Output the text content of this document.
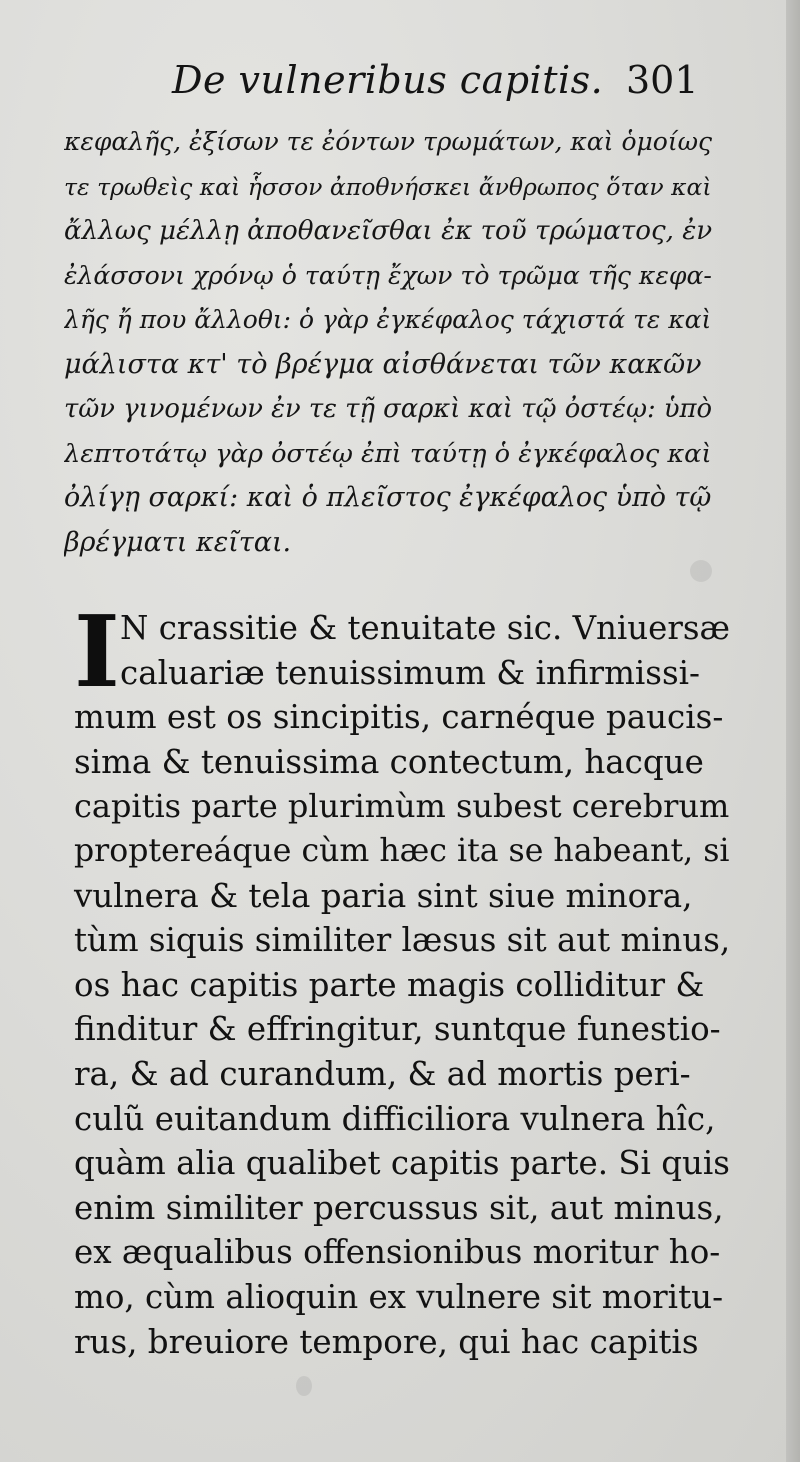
De vulneribus capitis. 301
κεφαλῆς, ἐξίσων τε ἐόντων τρωμάτων, καὶ ὁμοίως
τε τρωθεὶς καὶ ἧσσον ἀποθνήσκει ἄνθρωπος ὅταν καὶ
ἄλλως μέλλῃ ἀποθανεῖσθαι ἐκ τοῦ τρώματος, ἐν
ἐλάσσονι χρόνῳ ὁ ταύτῃ ἔχων τὸ τρῶμα τῆς κεφα-
λῆς ἤ που ἄλλοθι: ὁ γὰρ ἐγκέφαλος τάχιστά τε καὶ
μάλιστα κτ' τὸ βρέγμα αἰσθάνεται τῶν κακῶν
τῶν γινομένων ἐν τε τῇ σαρκὶ καὶ τῷ ὀστέῳ: ὑπὸ
λεπτοτάτῳ γὰρ ὀστέῳ ἐπὶ ταύτῃ ὁ ἐγκέφαλος καὶ
ὀλίγῃ σαρκί: καὶ ὁ πλεῖστος ἐγκέφαλος ὑπὸ τῷ
βρέγματι κεῖται.
I N crassitie & tenuitate sic. Vniuersæ
caluariæ tenuissimum & infirmissi-
mum est os sincipitis, carnéque paucis-
sima & tenuissima contectum, hacque
capitis parte plurimùm subest cerebrum
proptereáque cùm hæc ita se habeant, si
vulnera & tela paria sint siue minora,
tùm siquis similiter læsus sit aut minus,
os hac capitis parte magis colliditur &
finditur & effringitur, suntque funestio-
ra, & ad curandum, & ad mortis peri-
culũ euitandum difficiliora vulnera hîc,
quàm alia qualibet capitis parte. Si quis
enim similiter percussus sit, aut minus,
ex æqualibus offensionibus moritur ho-
mo, cùm alioquin ex vulnere sit moritu-
rus, breuiore tempore, qui hac capitis
